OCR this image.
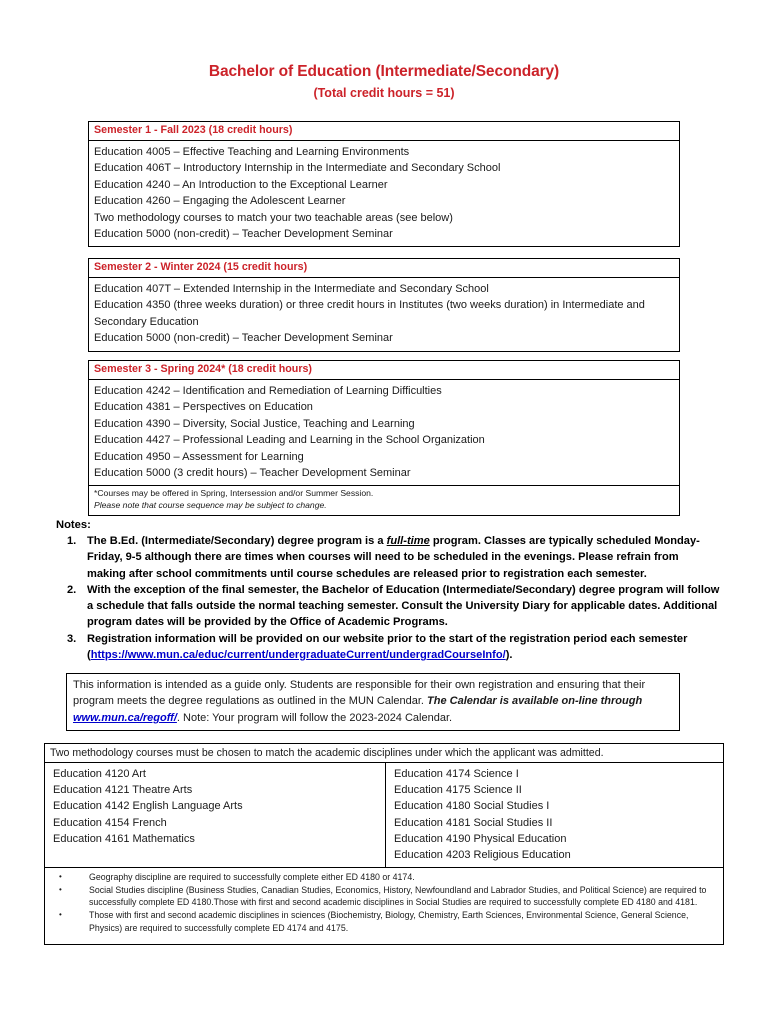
Bachelor of Education (Intermediate/Secondary)
(Total credit hours = 51)
Semester 1 - Fall 2023 (18 credit hours)
Education 4005 – Effective Teaching and Learning Environments
Education 406T – Introductory Internship in the Intermediate and Secondary School
Education 4240 – An Introduction to the Exceptional Learner
Education 4260 – Engaging the Adolescent Learner
Two methodology courses to match your two teachable areas (see below)
Education 5000 (non-credit) – Teacher Development Seminar
Semester 2 - Winter 2024 (15 credit hours)
Education 407T – Extended Internship in the Intermediate and Secondary School
Education 4350 (three weeks duration) or three credit hours in Institutes (two weeks duration) in Intermediate and Secondary Education
Education 5000 (non-credit) – Teacher Development Seminar
Semester 3 - Spring 2024* (18 credit hours)
Education 4242 – Identification and Remediation of Learning Difficulties
Education 4381 – Perspectives on Education
Education 4390 – Diversity, Social Justice, Teaching and Learning
Education 4427 – Professional Leading and Learning in the School Organization
Education 4950 – Assessment for Learning
Education 5000 (3 credit hours) – Teacher Development Seminar
*Courses may be offered in Spring, Intersession and/or Summer Session.
Please note that course sequence may be subject to change.
Notes:
1. The B.Ed. (Intermediate/Secondary) degree program is a full-time program. Classes are typically scheduled Monday-Friday, 9-5 although there are times when courses will need to be scheduled in the evenings. Please refrain from making after school commitments until course schedules are released prior to registration each semester.
2. With the exception of the final semester, the Bachelor of Education (Intermediate/Secondary) degree program will follow a schedule that falls outside the normal teaching semester. Consult the University Diary for applicable dates. Additional program dates will be provided by the Office of Academic Programs.
3. Registration information will be provided on our website prior to the start of the registration period each semester (https://www.mun.ca/educ/current/undergraduateCurrent/undergradCourseInfo/).
This information is intended as a guide only. Students are responsible for their own registration and ensuring that their program meets the degree regulations as outlined in the MUN Calendar. The Calendar is available on-line through www.mun.ca/regoff/. Note: Your program will follow the 2023-2024 Calendar.
Two methodology courses must be chosen to match the academic disciplines under which the applicant was admitted.
Education 4120 Art
Education 4121 Theatre Arts
Education 4142 English Language Arts
Education 4154 French
Education 4161 Mathematics
Education 4174 Science I
Education 4175 Science II
Education 4180 Social Studies I
Education 4181 Social Studies II
Education 4190 Physical Education
Education 4203 Religious Education
•	Geography discipline are required to successfully complete either ED 4180 or 4174.
•	Social Studies discipline (Business Studies, Canadian Studies, Economics, History, Newfoundland and Labrador Studies, and Political Science) are required to successfully complete ED 4180.Those with first and second academic disciplines in Social Studies are required to successfully complete ED 4180 and 4181.
•	Those with first and second academic disciplines in sciences (Biochemistry, Biology, Chemistry, Earth Sciences, Environmental Science, General Science, Physics) are required to successfully complete ED 4174 and 4175.
